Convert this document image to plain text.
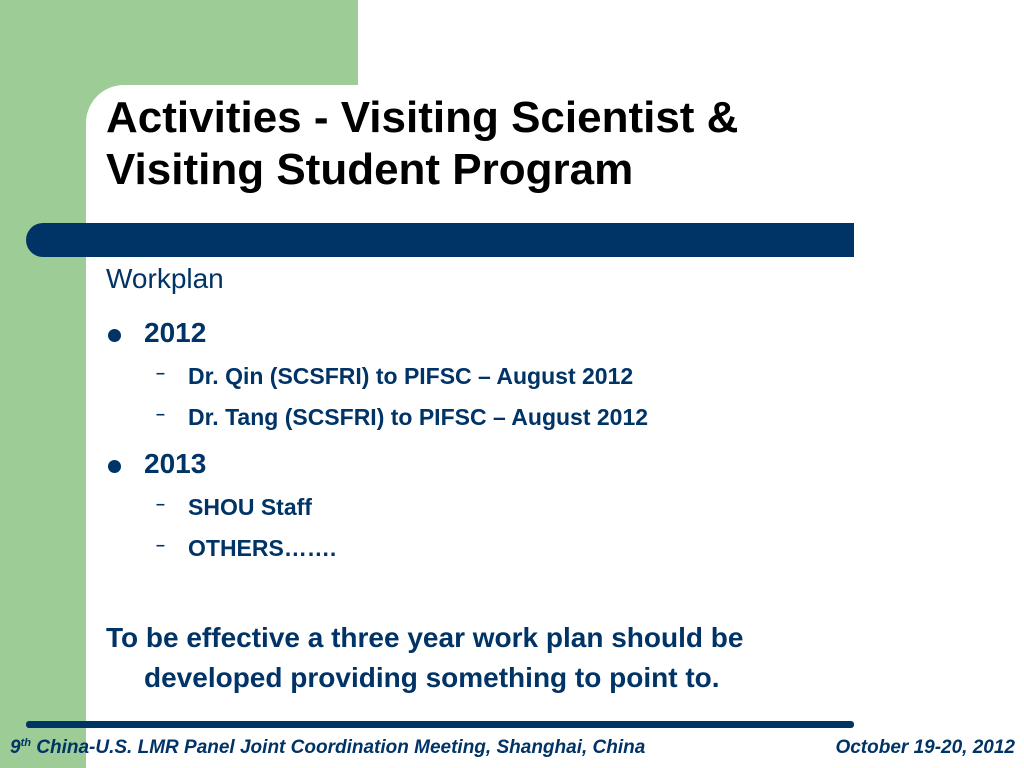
Activities - Visiting Scientist &
Visiting Student Program
Workplan
2012
– Dr. Qin (SCSFRI) to PIFSC – August 2012
– Dr. Tang (SCSFRI) to PIFSC – August 2012
2013
– SHOU Staff
– OTHERS…….
To be effective a three year work plan should be
developed providing something to point to.
9th China-U.S. LMR Panel Joint Coordination Meeting, Shanghai, China	October 19-20, 2012
